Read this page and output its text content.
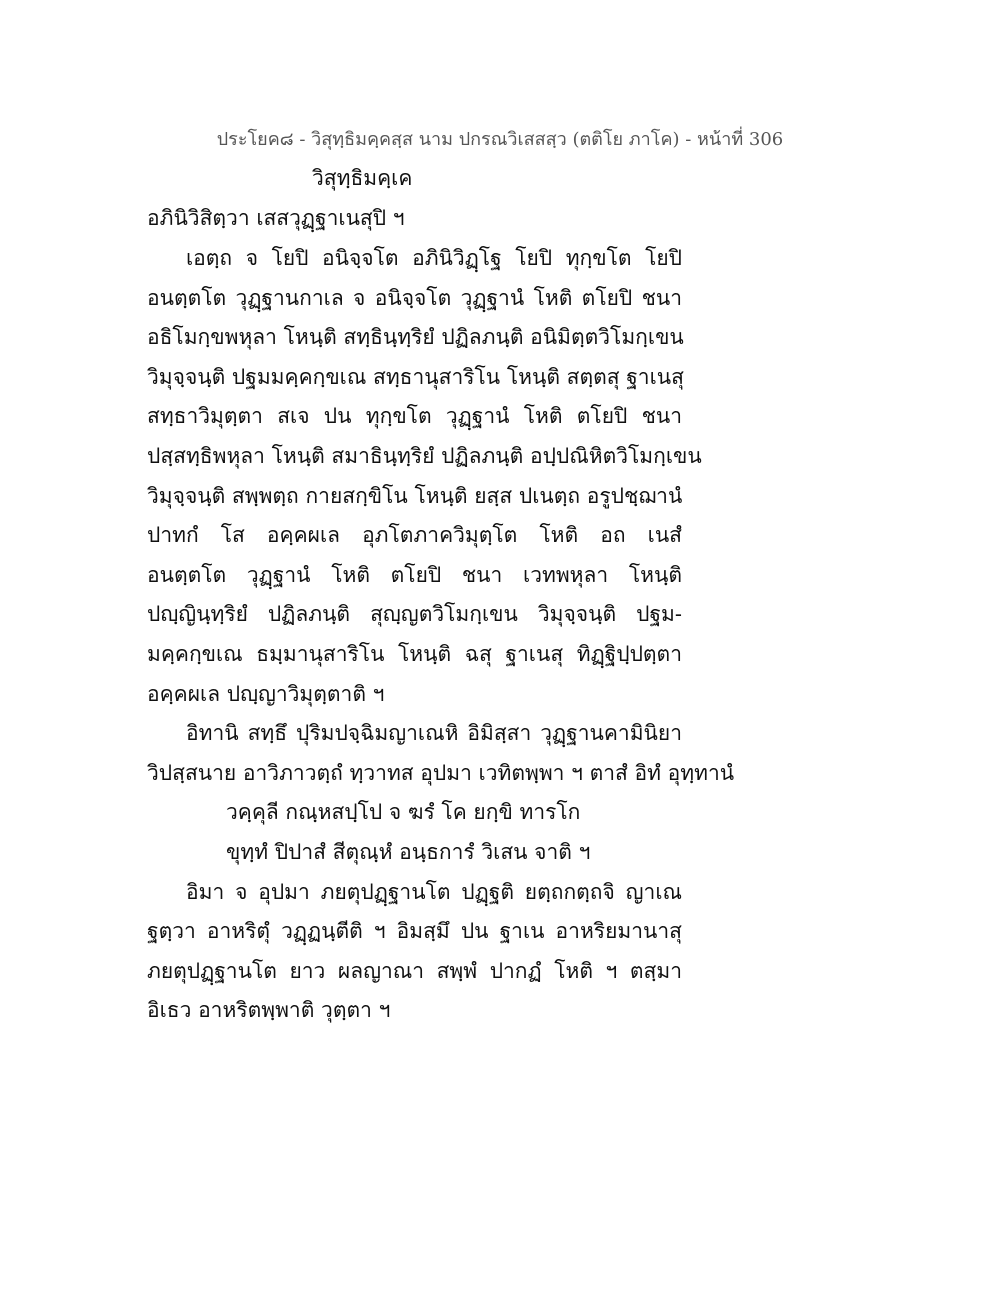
ประโยค๘ - วิสุทฺธิมคฺคสฺส นาม ปกรณวิเสสสฺว (ตติโย ภาโค) - หน้าที่ 306
วิสุทฺธิมคฺเค
อภินิวิสิตฺวา เสสวุฏฺฐาเนสุปิ ฯ
เอตฺถ จ โยปิ อนิจฺจโต อภินิวิฏฺโฐ โยปิ ทุกฺขโต โยปิ
อนตฺตโต วุฏฺฐานกาเล จ อนิจฺจโต วุฏฺฐานํ โหติ ตโยปิ ชนา
อธิโมกฺขพหุลา โหนฺติ สทฺธินฺทฺริยํ ปฏิลภนฺติ อนิมิตฺตวิโมกฺเขน
วิมุจฺจนฺติ ปฐมมคฺคกฺขเณ สทฺธานุสาริโน โหนฺติ สตฺตสุ ฐาเนสุ
สทฺธาวิมุตฺตา สเจ ปน ทุกฺขโต วุฏฺฐานํ โหติ ตโยปิ ชนา
ปสฺสทฺธิพหุลา โหนฺติ สมาธินฺทฺริยํ ปฏิลภนฺติ อปฺปณิหิตวิโมกฺเขน
วิมุจฺจนฺติ สพฺพตฺถ กายสกฺขิโน โหนฺติ ยสฺส ปเนตฺถ อรูปชฺฌานํ
ปาทกํ โส อคฺคผเล อุภโตภาควิมุตฺโต โหติ อถ เนสํ
อนตฺตโต วุฏฺฐานํ โหติ ตโยปิ ชนา เวทพหุลา โหนฺติ
ปญฺญินฺทฺริยํ ปฏิลภนฺติ สุญฺญตวิโมกฺเขน วิมุจฺจนฺติ ปฐม-
มคฺคกฺขเณ ธมฺมานุสาริโน โหนฺติ ฉสุ ฐาเนสุ ทิฏฺฐิปฺปตฺตา
อคฺคผเล ปญฺญาวิมุตฺตาติ ฯ
อิทานิ สทฺธึ ปุริมปจฺฉิมญาเณหิ อิมิสฺสา วุฏฺฐานคามินิยา
วิปสฺสนาย อาวิภาวตฺถํ ทฺวาทส อุปมา เวทิตพฺพา ฯ ตาสํ อิทํ อุทฺทานํ
วคฺคุลี กณฺหสปฺโป จ ฆรํ โค ยกฺขิ ทารโก
ขุทฺทํ ปิปาสํ สีตุณฺหํ อนฺธการํ วิเสน จาติ ฯ
อิมา จ อุปมา ภยตุปฏฺฐานโต ปฏฺฐติ ยตฺถกตฺถจิ ญาเณ
ฐตฺวา อาหริตุํ วฏฺฏนฺตีติ ฯ อิมสฺมึ ปน ฐาเน อาหริยมานาสุ
ภยตุปฏฺฐานโต ยาว ผลญาณา สพฺพํ ปากฏํ โหติ ฯ ตสฺมา
อิเธว อาหริตพฺพาติ วุตฺตา ฯ
